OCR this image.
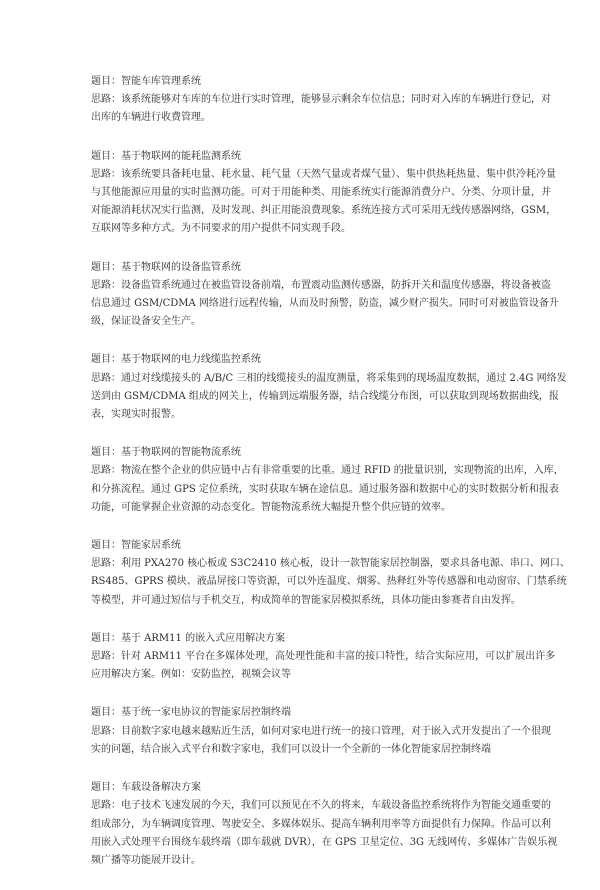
题目：智能车库管理系统
思路：该系统能够对车库的车位进行实时管理，能够显示剩余车位信息；同时对入库的车辆进行登记，对
出库的车辆进行收费管理。
题目：基于物联网的能耗监测系统
思路：该系统要具备耗电量、耗水量、耗气量（天然气量或者煤气量）、集中供热耗热量、集中供冷耗冷量
与其他能源应用量的实时监测功能。可对于用能种类、用能系统实行能源消费分户、分类、分项计量，并
对能源消耗状况实行监测，及时发现、纠正用能浪费现象。系统连接方式可采用无线传感器网络，GSM，
互联网等多种方式。为不同要求的用户提供不同实现手段。
题目：基于物联网的设备监管系统
思路：设备监管系统通过在被监管设备前端，布置震动监测传感器，防拆开关和温度传感器，将设备被盗
信息通过 GSM/CDMA 网络进行远程传输，从而及时预警，防盗，减少财产损失。同时可对被监管设备升
级，保证设备安全生产。
题目：基于物联网的电力线缆监控系统
思路：通过对线缆接头的 A/B/C 三相的线缆接头的温度测量，将采集到的现场温度数据，通过 2.4G 网络发
送到由 GSM/CDMA 组成的网关上，传输到远端服务器，结合线缆分布图，可以获取到现场数据曲线，报
表，实现实时报警。
题目：基于物联网的智能物流系统
思路：物流在整个企业的供应链中占有非常重要的比重。通过 RFID 的批量识别，实现物流的出库，入库，
和分拣流程。通过 GPS 定位系统，实时获取车辆在途信息。通过服务器和数据中心的实时数据分析和报表
功能，可能掌握企业资源的动态变化。智能物流系统大幅提升整个供应链的效率。
题目：智能家居系统
思路：利用 PXA270 核心板或 S3C2410 核心板，设计一款智能家居控制器，要求具备电源、串口、网口、
RS485、GPRS 模块、液晶屏接口等资源，可以外连温度、烟雾、热释红外等传感器和电动窗帘、门禁系统
等模型，并可通过短信与手机交互，构成简单的智能家居模拟系统，具体功能由参赛者自由发挥。
题目：基于 ARM11 的嵌入式应用解决方案
思路：针对 ARM11 平台在多媒体处理，高处理性能和丰富的接口特性，结合实际应用，可以扩展出许多
应用解决方案。例如：安防监控，视频会议等
题目：基于统一家电协议的智能家居控制终端
思路：目前数字家电越来越贴近生活，如何对家电进行统一的接口管理，对于嵌入式开发提出了一个很现
实的问题，结合嵌入式平台和数字家电，我们可以设计一个全新的一体化智能家居控制终端
题目：车载设备解决方案
思路：电子技术飞速发展的今天，我们可以预见在不久的将来，车载设备监控系统将作为智能交通重要的
组成部分，为车辆调度管理、驾驶安全、多媒体娱乐、提高车辆利用率等方面提供有力保障。作品可以利
用嵌入式处理平台围绕车载终端（即车载就 DVR），在 GPS 卫星定位、3G 无线网传、多媒体广告娱乐视
频广播等功能展开设计。
